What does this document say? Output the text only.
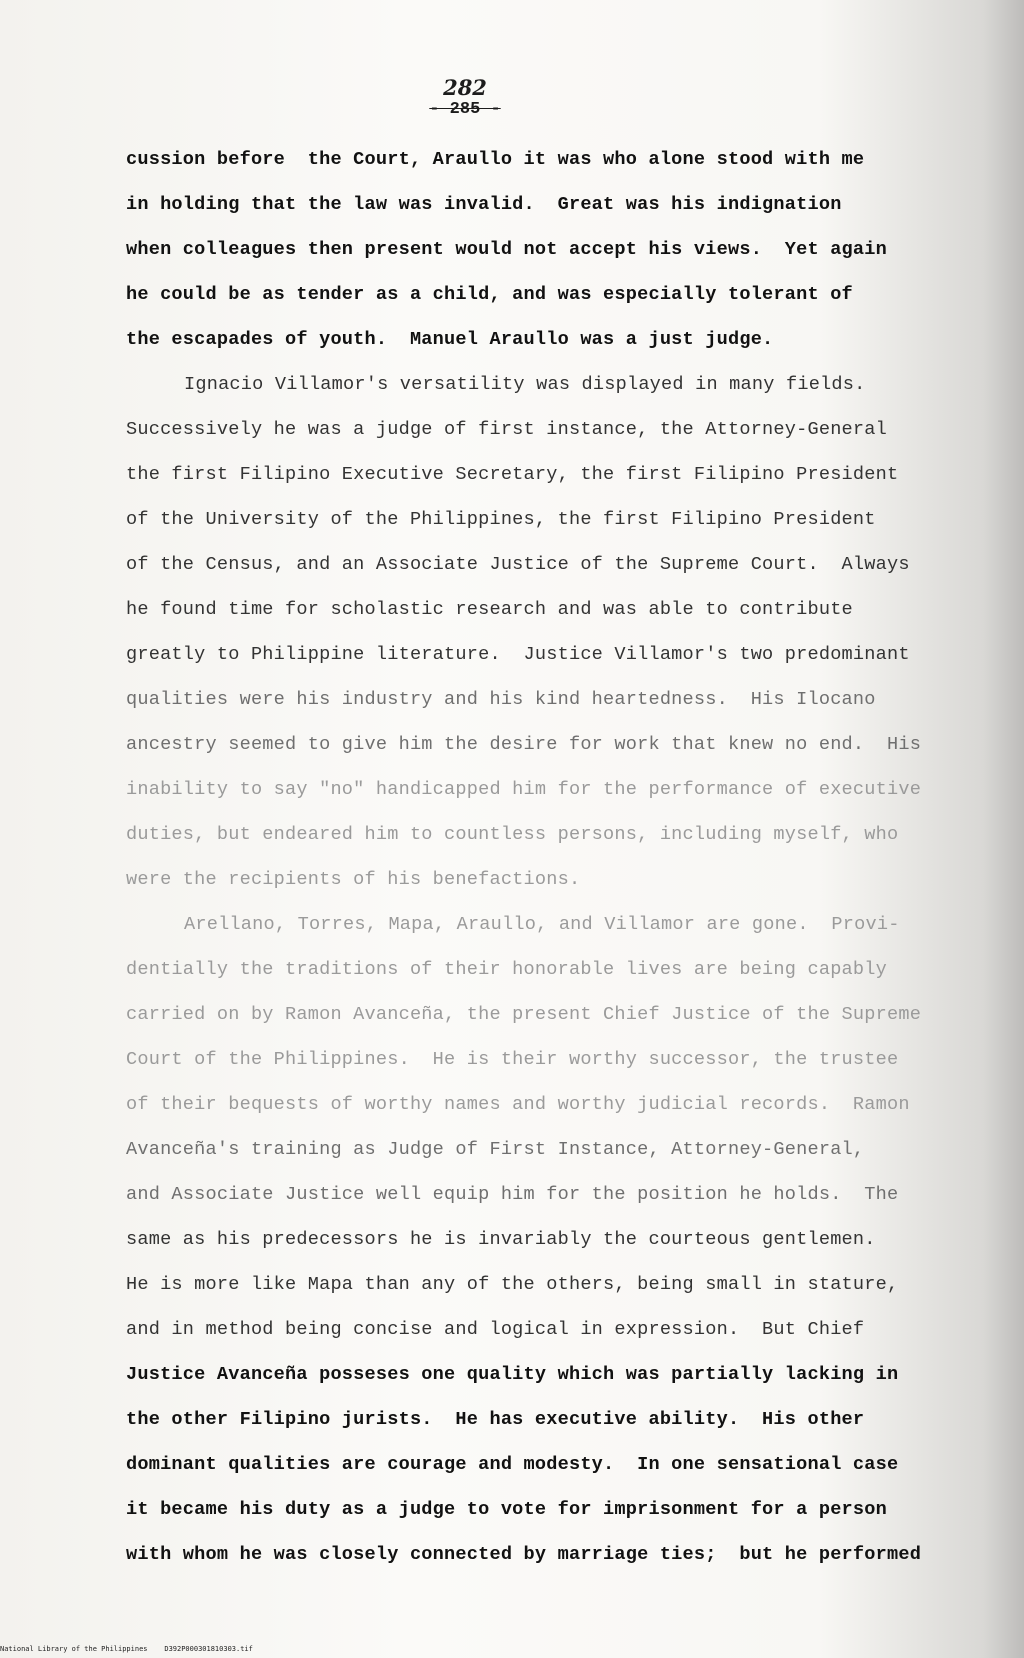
282
- 285 -
cussion before  the Court, Araullo it was who alone stood with me
in holding that the law was invalid.  Great was his indignation
when colleagues then present would not accept his views.  Yet again
he could be as tender as a child, and was especially tolerant of
the escapades of youth.  Manuel Araullo was a just judge.
Ignacio Villamor's versatility was displayed in many fields.
Successively he was a judge of first instance, the Attorney-General
the first Filipino Executive Secretary, the first Filipino President
of the University of the Philippines, the first Filipino President
of the Census, and an Associate Justice of the Supreme Court.  Always
he found time for scholastic research and was able to contribute
greatly to Philippine literature.  Justice Villamor's two predominant
qualities were his industry and his kind heartedness.  His Ilocano
ancestry seemed to give him the desire for work that knew no end.  His
inability to say "no" handicapped him for the performance of executive
duties, but endeared him to countless persons, including myself, who
were the recipients of his benefactions.
Arellano, Torres, Mapa, Araullo, and Villamor are gone.  Provi-
dentially the traditions of their honorable lives are being capably
carried on by Ramon Avanceña, the present Chief Justice of the Supreme
Court of the Philippines.  He is their worthy successor, the trustee
of their bequests of worthy names and worthy judicial records.  Ramon
Avanceña's training as Judge of First Instance, Attorney-General,
and Associate Justice well equip him for the position he holds.  The
same as his predecessors he is invariably the courteous gentlemen.
He is more like Mapa than any of the others, being small in stature,
and in method being concise and logical in expression.  But Chief
Justice Avanceña posseses one quality which was partially lacking in
the other Filipino jurists.  He has executive ability.  His other
dominant qualities are courage and modesty.  In one sensational case
it became his duty as a judge to vote for imprisonment for a person
with whom he was closely connected by marriage ties;  but he performed
National Library of the Philippines    D392P000301810303.tif
